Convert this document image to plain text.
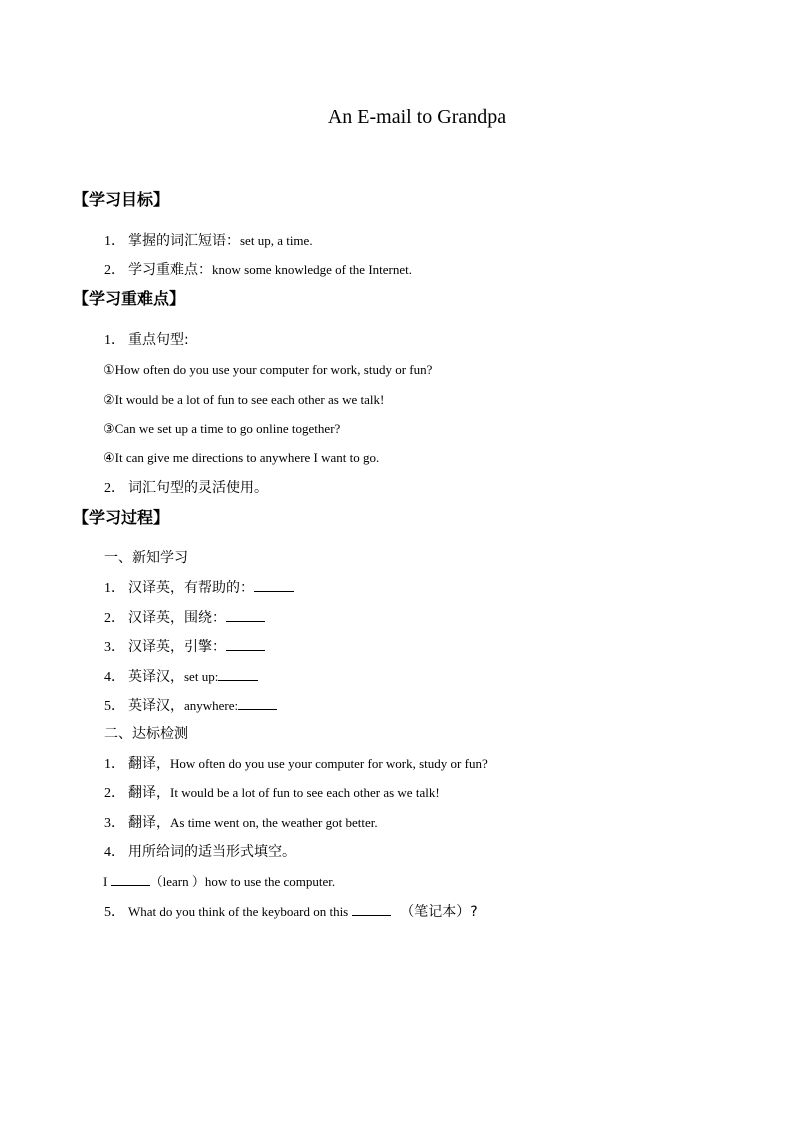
An E-mail to Grandpa
【学习目标】
1． 掌握的词汇短语：set up, a time.
2． 学习重难点：know some knowledge of the Internet.
【学习重难点】
1． 重点句型:
①How often do you use your computer for work, study or fun?
②It would be a lot of fun to see each other as we talk!
③Can we set up a time to go online together?
④It can give me directions to anywhere I want to go.
2． 词汇句型的灵活使用。
【学习过程】
一、新知学习
1． 汉译英，有帮助的：
2． 汉译英，围绕：
3． 汉译英，引擎：
4． 英译汉，set up:
5． 英译汉，anywhere:
二、达标检测
1． 翻译，How often do you use your computer for work, study or fun?
2． 翻译，It would be a lot of fun to see each other as we talk!
3． 翻译，As time went on, the weather got better.
4． 用所给词的适当形式填空。
I	（learn ）how to use the computer.
5． What do you think of the keyboard on this	（笔记本）?
